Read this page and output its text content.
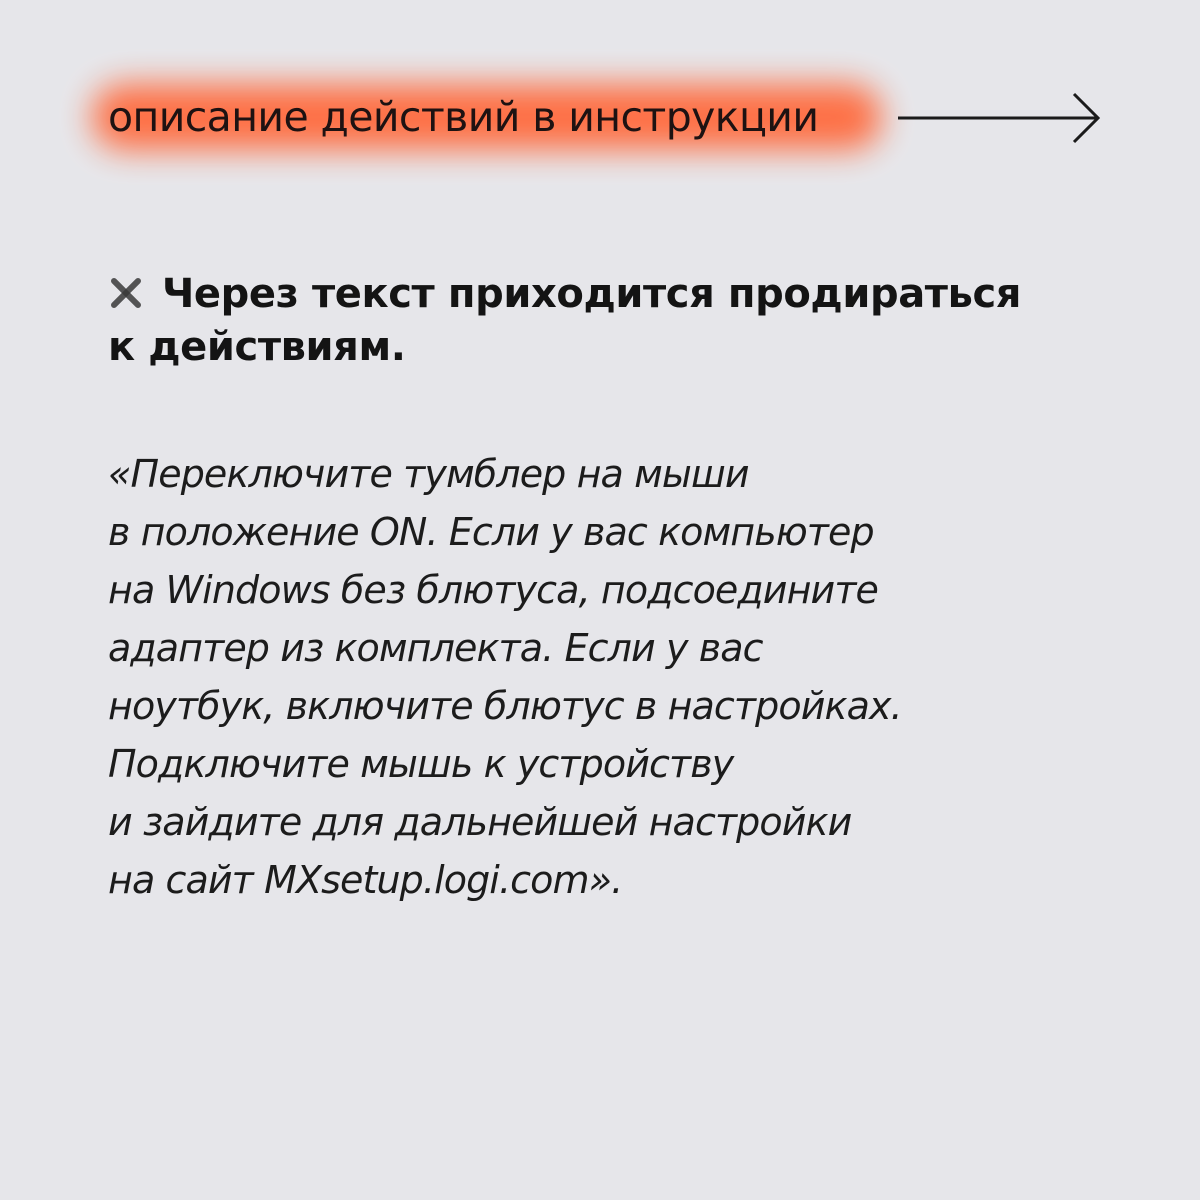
описание действий в инструкции
Через текст приходится продираться
к действиям.
«Переключите тумблер на мыши
в положение ON. Если у вас компьютер
на Windows без блютуса, подсоедините
адаптер из комплекта. Если у вас
ноутбук, включите блютус в настройках.
Подключите мышь к устройству
и зайдите для дальнейшей настройки
на сайт MXsetup.logi.com».
